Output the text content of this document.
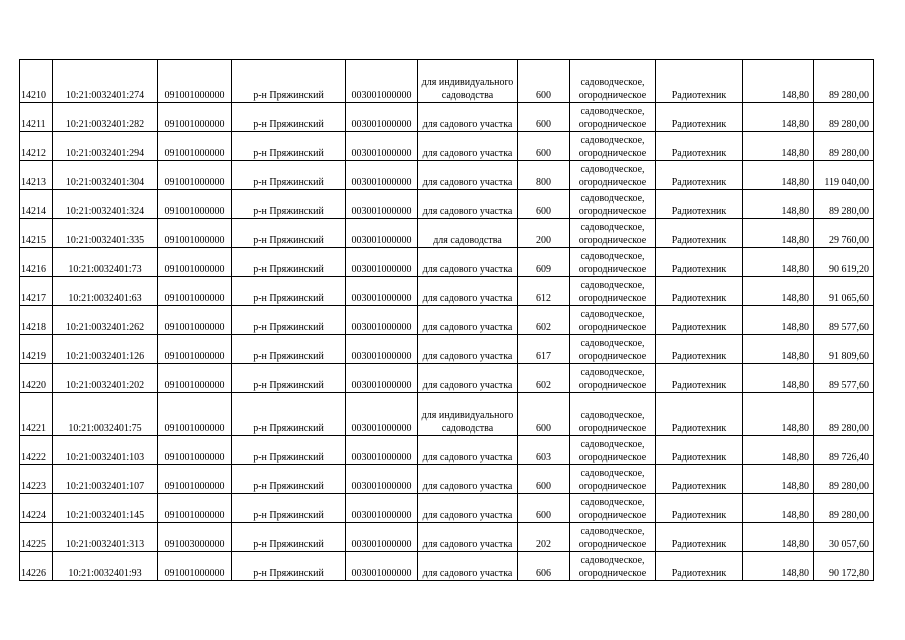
14210	10:21:0032401:274	091001000000	р-н Пряжинский	003001000000	для индивидуального садоводства	600	садоводческое, огородническое	Радиотехник	148,80	89 280,00
14211	10:21:0032401:282	091001000000	р-н Пряжинский	003001000000	для садового участка	600	садоводческое, огородническое	Радиотехник	148,80	89 280,00
14212	10:21:0032401:294	091001000000	р-н Пряжинский	003001000000	для садового участка	600	садоводческое, огородническое	Радиотехник	148,80	89 280,00
14213	10:21:0032401:304	091001000000	р-н Пряжинский	003001000000	для садового участка	800	садоводческое, огородническое	Радиотехник	148,80	119 040,00
14214	10:21:0032401:324	091001000000	р-н Пряжинский	003001000000	для садового участка	600	садоводческое, огородническое	Радиотехник	148,80	89 280,00
14215	10:21:0032401:335	091001000000	р-н Пряжинский	003001000000	для садоводства	200	садоводческое, огородническое	Радиотехник	148,80	29 760,00
14216	10:21:0032401:73	091001000000	р-н Пряжинский	003001000000	для садового участка	609	садоводческое, огородническое	Радиотехник	148,80	90 619,20
14217	10:21:0032401:63	091001000000	р-н Пряжинский	003001000000	для садового участка	612	садоводческое, огородническое	Радиотехник	148,80	91 065,60
14218	10:21:0032401:262	091001000000	р-н Пряжинский	003001000000	для садового участка	602	садоводческое, огородническое	Радиотехник	148,80	89 577,60
14219	10:21:0032401:126	091001000000	р-н Пряжинский	003001000000	для садового участка	617	садоводческое, огородническое	Радиотехник	148,80	91 809,60
14220	10:21:0032401:202	091001000000	р-н Пряжинский	003001000000	для садового участка	602	садоводческое, огородническое	Радиотехник	148,80	89 577,60
14221	10:21:0032401:75	091001000000	р-н Пряжинский	003001000000	для индивидуального садоводства	600	садоводческое, огородническое	Радиотехник	148,80	89 280,00
14222	10:21:0032401:103	091001000000	р-н Пряжинский	003001000000	для садового участка	603	садоводческое, огородническое	Радиотехник	148,80	89 726,40
14223	10:21:0032401:107	091001000000	р-н Пряжинский	003001000000	для садового участка	600	садоводческое, огородническое	Радиотехник	148,80	89 280,00
14224	10:21:0032401:145	091001000000	р-н Пряжинский	003001000000	для садового участка	600	садоводческое, огородническое	Радиотехник	148,80	89 280,00
14225	10:21:0032401:313	091003000000	р-н Пряжинский	003001000000	для садового участка	202	садоводческое, огородническое	Радиотехник	148,80	30 057,60
14226	10:21:0032401:93	091001000000	р-н Пряжинский	003001000000	для садового участка	606	садоводческое, огородническое	Радиотехник	148,80	90 172,80
